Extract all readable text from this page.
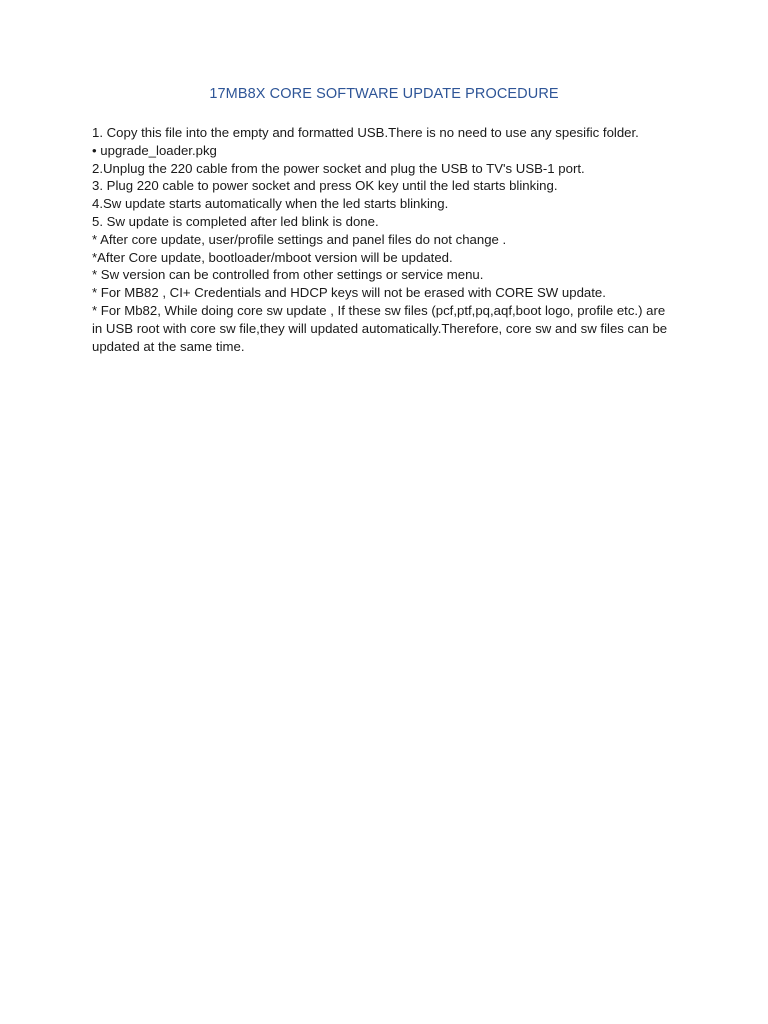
17MB8X CORE SOFTWARE UPDATE PROCEDURE
1. Copy this file into the empty and formatted USB.There is no need to use any spesific folder.
• upgrade_loader.pkg
2.Unplug the 220 cable from the power socket and plug the USB to TV's USB-1 port.
3. Plug 220 cable to power socket and press OK key until the led starts blinking.
4.Sw update starts automatically when the led starts blinking.
5. Sw update is completed after led blink is done.
* After core update, user/profile settings and panel files do not change .
*After Core update, bootloader/mboot version will be updated.
* Sw version can be controlled from other settings or service menu.
* For MB82 , CI+ Credentials and HDCP keys will not be erased with CORE SW update.
* For Mb82, While doing core sw update , If these sw files (pcf,ptf,pq,aqf,boot logo, profile etc.) are in USB root with core sw file,they will updated automatically.Therefore, core sw and sw files can be updated at the same time.
